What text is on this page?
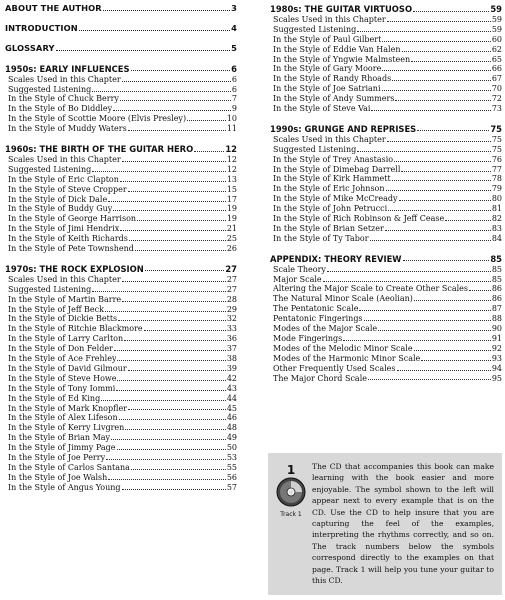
ABOUT THE AUTHOR	3
INTRODUCTION	4
GLOSSARY	5
1950s: EARLY INFLUENCES	6
Scales Used in this Chapter	6
Suggested Listening	6
In the Style of Chuck Berry	7
In the Style of Bo Diddley	9
In the Style of Scottie Moore (Elvis Presley)	10
In the Style of Muddy Waters	11
1960s: THE BIRTH OF THE GUITAR HERO	12
Scales Used in this Chapter	12
Suggested Listening	12
In the Style of Eric Clapton	13
In the Style of Steve Cropper	15
In the Style of Dick Dale	17
In the Style of Buddy Guy	19
In the Style of George Harrison	19
In the Style of Jimi Hendrix	21
In the Style of Keith Richards	25
In the Style of Pete Townshend	26
1970s: THE ROCK EXPLOSION	27
Scales Used in this Chapter	27
Suggested Listening	27
In the Style of Martin Barre	28
In the Style of Jeff Beck	29
In the Style of Dickie Betts	32
In the Style of Ritchie Blackmore	33
In the Style of Larry Carlton	36
In the Style of Don Felder	37
In the Style of Ace Frehley	38
In the Style of David Gilmour	39
In the Style of Steve Howe	42
In the Style of Tony Iommi	43
In the Style of Ed King	44
In the Style of Mark Knopfler	45
In the Style of Alex Lifeson	46
In the Style of Kerry Livgren	48
In the Style of Brian May	49
In the Style of Jimmy Page	50
In the Style of Joe Perry	53
In the Style of Carlos Santana	55
In the Style of Joe Walsh	56
In the Style of Angus Young	57
1980s: THE GUITAR VIRTUOSO	59
Scales Used in this Chapter	59
Suggested Listening	59
In the Style of Paul Gilbert	60
In the Style of Eddie Van Halen	62
In the Style of Yngwie Malmsteen	65
In the Style of Gary Moore	66
In the Style of Randy Rhoads	67
In the Style of Joe Satriani	70
In the Style of Andy Summers	72
In the Style of Steve Vai	73
1990s: GRUNGE AND REPRISES	75
Scales Used in this Chapter	75
Suggested Listening	75
In the Style of Trey Anastasio	76
In the Style of Dimebag Darrell	77
In the Style of Kirk Hammett	78
In the Style of Eric Johnson	79
In the Style of Mike McCready	80
In the Style of John Petrucci	81
In the Style of Rich Robinson & Jeff Cease	82
In the Style of Brian Setzer	83
In the Style of Ty Tabor	84
APPENDIX: THEORY REVIEW	85
Scale Theory	85
Major Scale	85
Altering the Major Scale to Create Other Scales	86
The Natural Minor Scale (Aeolian)	86
The Pentatonic Scale	87
Pentatonic Fingerings	88
Modes of the Major Scale	90
Mode Fingerings	91
Modes of the Melodic Minor Scale	92
Modes of the Harmonic Minor Scale	93
Other Frequently Used Scales	94
The Major Chord Scale	95
1
Track 1
The CD that accompanies this book can make learning with the book easier and more enjoyable. The symbol shown to the left will appear next to every example that is on the CD. Use the CD to help insure that you are capturing the feel of the examples, interpreting the rhythms correctly, and so on. The track numbers below the symbols correspond directly to the examples on that page. Track 1 will help you tune your guitar to this CD.
